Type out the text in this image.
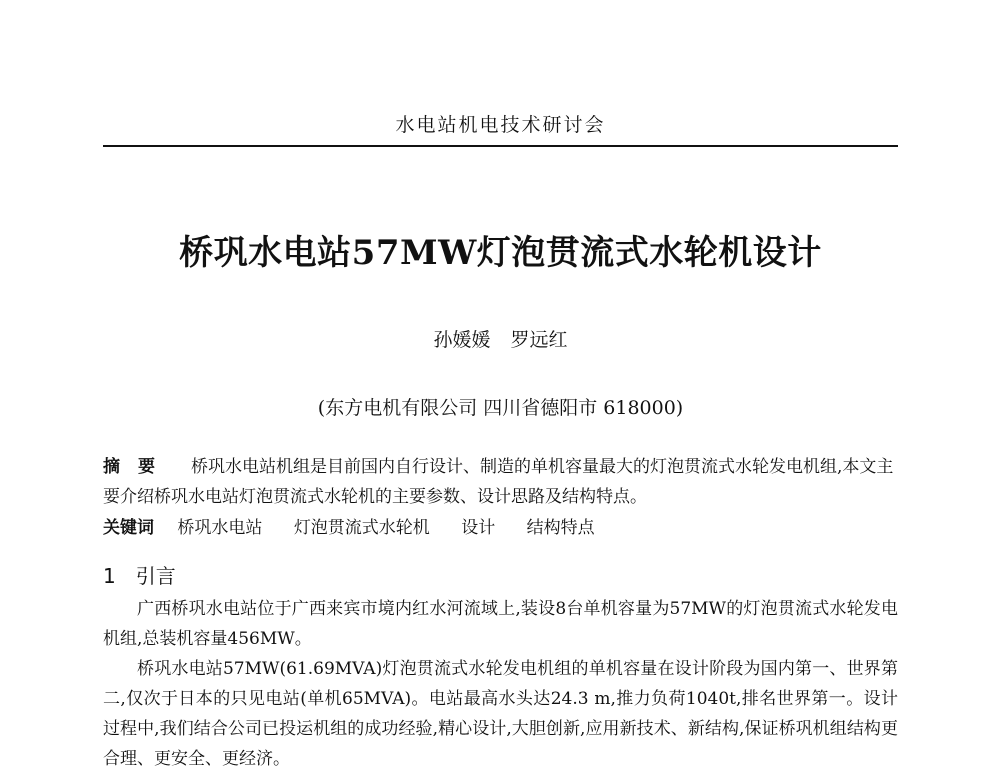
水电站机电技术研讨会
桥巩水电站57MW灯泡贯流式水轮机设计
孙媛媛 罗远红
(东方电机有限公司 四川省德阳市 618000)
摘要 桥巩水电站机组是目前国内自行设计、制造的单机容量最大的灯泡贯流式水轮发电机组,本文主要介绍桥巩水电站灯泡贯流式水轮机的主要参数、设计思路及结构特点。
关键词 桥巩水电站 灯泡贯流式水轮机 设计 结构特点
1 引言

广西桥巩水电站位于广西来宾市境内红水河流域上,装设8台单机容量为57MW的灯泡贯流式水轮发电机组,总装机容量456MW。

桥巩水电站57MW(61.69MVA)灯泡贯流式水轮发电机组的单机容量在设计阶段为国内第一、世界第二,仅次于日本的只见电站(单机65MVA)。电站最高水头达24.3 m,推力负荷1040t,排名世界第一。设计过程中,我们结合公司已投运机组的成功经验,精心设计,大胆创新,应用新技术、新结构,保证桥巩机组结构更合理、更安全、更经济。
